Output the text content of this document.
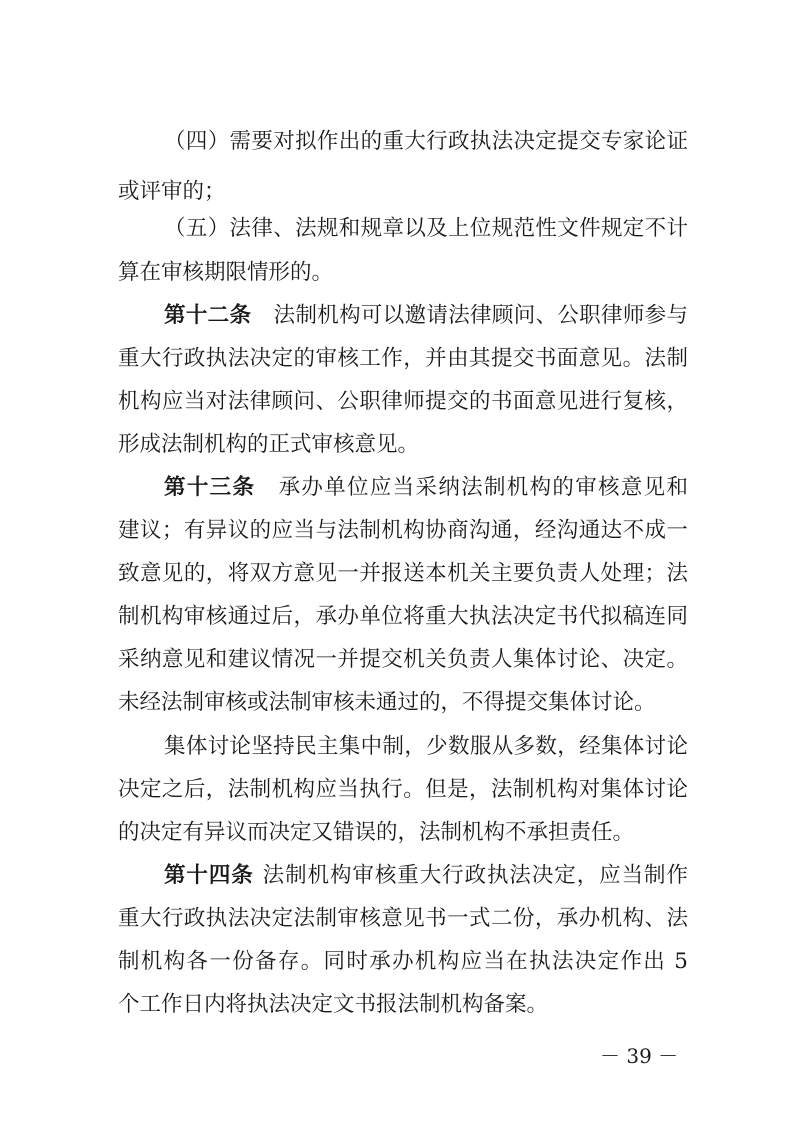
（四）需要对拟作出的重大行政执法决定提交专家论证
或评审的；
（五）法律、法规和规章以及上位规范性文件规定不计
算在审核期限情形的。
第十二条 法制机构可以邀请法律顾问、公职律师参与
重大行政执法决定的审核工作，并由其提交书面意见。法制
机构应当对法律顾问、公职律师提交的书面意见进行复核，
形成法制机构的正式审核意见。
第十三条 承办单位应当采纳法制机构的审核意见和
建议；有异议的应当与法制机构协商沟通，经沟通达不成一
致意见的，将双方意见一并报送本机关主要负责人处理；法
制机构审核通过后，承办单位将重大执法决定书代拟稿连同
采纳意见和建议情况一并提交机关负责人集体讨论、决定。
未经法制审核或法制审核未通过的，不得提交集体讨论。
集体讨论坚持民主集中制，少数服从多数，经集体讨论
决定之后，法制机构应当执行。但是，法制机构对集体讨论
的决定有异议而决定又错误的，法制机构不承担责任。
第十四条 法制机构审核重大行政执法决定，应当制作
重大行政执法决定法制审核意见书一式二份，承办机构、法
制机构各一份备存。同时承办机构应当在执法决定作出 5
个工作日内将执法决定文书报法制机构备案。
－ 39 －
